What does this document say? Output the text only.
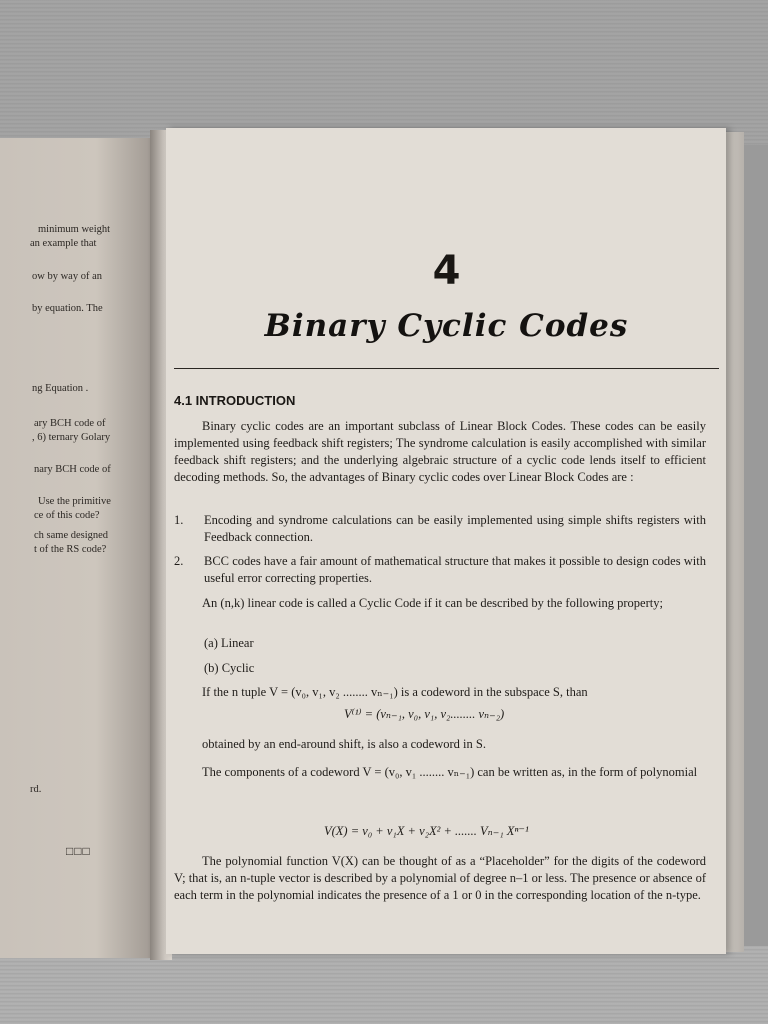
minimum weight
an example that
ow by way of an
by equation. The
ng Equation .
ary BCH code of
, 6) ternary Golary
nary BCH code of
Use the primitive
ce of this code?
ch same designed
t of the RS code?
rd.
□□□
4
Binary Cyclic Codes
4.1 INTRODUCTION
Binary cyclic codes are an important subclass of Linear Block Codes. These codes can be easily implemented using feedback shift registers; The syndrome calculation is easily accomplished with similar feedback shift registers; and the underlying algebraic structure of a cyclic code lends itself to efficient decoding methods. So, the advantages of Binary cyclic codes over Linear Block Codes are :
1.	Encoding and syndrome calculations can be easily implemented using simple shifts registers with Feedback connection.
2.	BCC codes have a fair amount of mathematical structure that makes it possible to design codes with useful error correcting properties.
An (n,k) linear code is called a Cyclic Code if it can be described by the following property;
(a) Linear
(b) Cyclic
If the n tuple V = (v₀, v₁, v₂ ........ vₙ₋₁) is a codeword in the subspace S, than
V⁽¹⁾ = (vₙ₋₁, v₀, v₁, v₂........ vₙ₋₂)
obtained by an end-around shift, is also a codeword in S.
The components of a codeword V = (v₀, v₁ ........ vₙ₋₁) can be written as, in the form of polynomial
V(X) = v₀ + v₁X + v₂X² + ....... Vₙ₋₁ Xⁿ⁻¹
The polynomial function V(X) can be thought of as a “Placeholder” for the digits of the codeword V; that is, an n-tuple vector is described by a polynomial of degree n–1 or less. The presence or absence of each term in the polynomial indicates the presence of a 1 or 0 in the corresponding location of the n-type.
